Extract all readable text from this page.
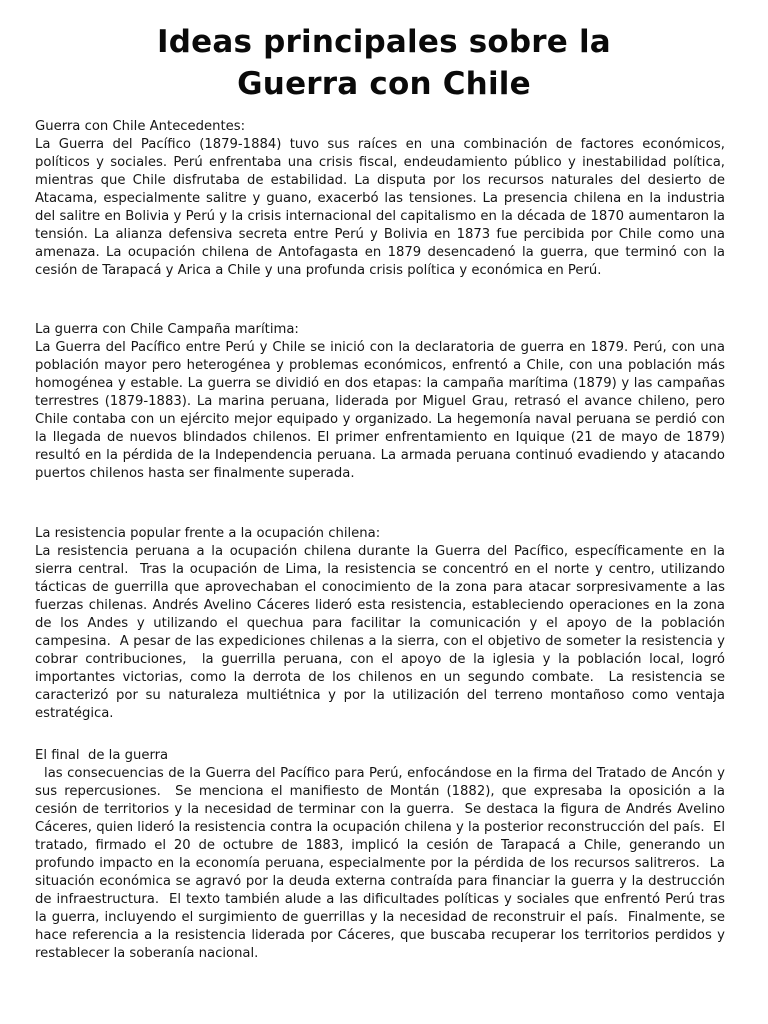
Ideas principales sobre la
Guerra con Chile
Guerra con Chile Antecedentes:
La Guerra del Pacífico (1879-1884) tuvo sus raíces en una combinación de factores económicos, políticos y sociales. Perú enfrentaba una crisis fiscal, endeudamiento público y inestabilidad política, mientras que Chile disfrutaba de estabilidad. La disputa por los recursos naturales del desierto de Atacama, especialmente salitre y guano, exacerbó las tensiones. La presencia chilena en la industria del salitre en Bolivia y Perú y la crisis internacional del capitalismo en la década de 1870 aumentaron la tensión. La alianza defensiva secreta entre Perú y Bolivia en 1873 fue percibida por Chile como una amenaza. La ocupación chilena de Antofagasta en 1879 desencadenó la guerra, que terminó con la cesión de Tarapacá y Arica a Chile y una profunda crisis política y económica en Perú.
La guerra con Chile Campaña marítima:
La Guerra del Pacífico entre Perú y Chile se inició con la declaratoria de guerra en 1879. Perú, con una población mayor pero heterogénea y problemas económicos, enfrentó a Chile, con una población más homogénea y estable. La guerra se dividió en dos etapas: la campaña marítima (1879) y las campañas terrestres (1879-1883). La marina peruana, liderada por Miguel Grau, retrasó el avance chileno, pero Chile contaba con un ejército mejor equipado y organizado. La hegemonía naval peruana se perdió con la llegada de nuevos blindados chilenos. El primer enfrentamiento en Iquique (21 de mayo de 1879) resultó en la pérdida de la Independencia peruana. La armada peruana continuó evadiendo y atacando puertos chilenos hasta ser finalmente superada.
La resistencia popular frente a la ocupación chilena:
La resistencia peruana a la ocupación chilena durante la Guerra del Pacífico, específicamente en la sierra central.  Tras la ocupación de Lima, la resistencia se concentró en el norte y centro, utilizando tácticas de guerrilla que aprovechaban el conocimiento de la zona para atacar sorpresivamente a las fuerzas chilenas. Andrés Avelino Cáceres lideró esta resistencia, estableciendo operaciones en la zona de los Andes y utilizando el quechua para facilitar la comunicación y el apoyo de la población campesina.  A pesar de las expediciones chilenas a la sierra, con el objetivo de someter la resistencia y cobrar contribuciones,  la guerrilla peruana, con el apoyo de la iglesia y la población local, logró importantes victorias, como la derrota de los chilenos en un segundo combate.  La resistencia se caracterizó por su naturaleza multiétnica y por la utilización del terreno montañoso como ventaja estratégica.
El final  de la guerra
las consecuencias de la Guerra del Pacífico para Perú, enfocándose en la firma del Tratado de Ancón y sus repercusiones.  Se menciona el manifiesto de Montán (1882), que expresaba la oposición a la cesión de territorios y la necesidad de terminar con la guerra.  Se destaca la figura de Andrés Avelino Cáceres, quien lideró la resistencia contra la ocupación chilena y la posterior reconstrucción del país.  El tratado, firmado el 20 de octubre de 1883, implicó la cesión de Tarapacá a Chile, generando un profundo impacto en la economía peruana, especialmente por la pérdida de los recursos salitreros.  La situación económica se agravó por la deuda externa contraída para financiar la guerra y la destrucción de infraestructura.  El texto también alude a las dificultades políticas y sociales que enfrentó Perú tras la guerra, incluyendo el surgimiento de guerrillas y la necesidad de reconstruir el país.  Finalmente, se hace referencia a la resistencia liderada por Cáceres, que buscaba recuperar los territorios perdidos y restablecer la soberanía nacional.
